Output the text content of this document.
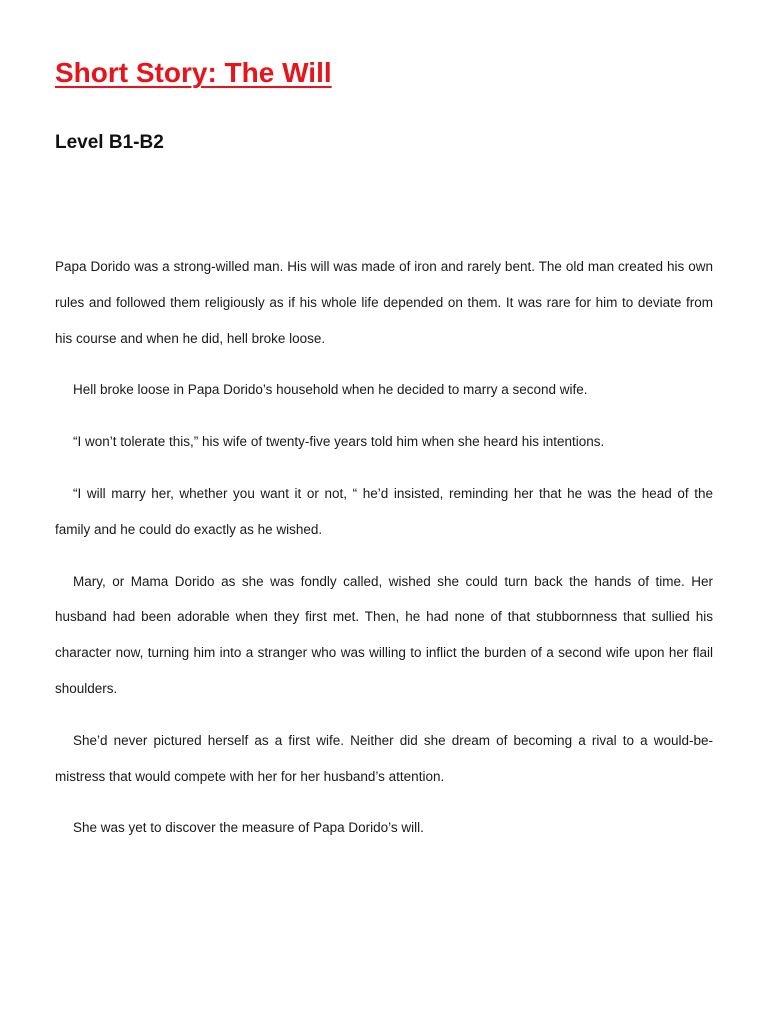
Short Story: The Will
Level B1-B2

Papa Dorido was a strong-willed man. His will was made of iron and rarely bent. The old man created his own rules and followed them religiously as if his whole life depended on them. It was rare for him to deviate from his course and when he did, hell broke loose.

Hell broke loose in Papa Dorido’s household when he decided to marry a second wife.

“I won’t tolerate this,” his wife of twenty-five years told him when she heard his intentions.

“I will marry her, whether you want it or not, “ he’d insisted, reminding her that he was the head of the family and he could do exactly as he wished.

Mary, or Mama Dorido as she was fondly called, wished she could turn back the hands of time. Her husband had been adorable when they first met. Then, he had none of that stubbornness that sullied his character now, turning him into a stranger who was willing to inflict the burden of a second wife upon her flail shoulders.

She’d never pictured herself as a first wife. Neither did she dream of becoming a rival to a would-be-mistress that would compete with her for her husband’s attention.

She was yet to discover the measure of Papa Dorido’s will.
